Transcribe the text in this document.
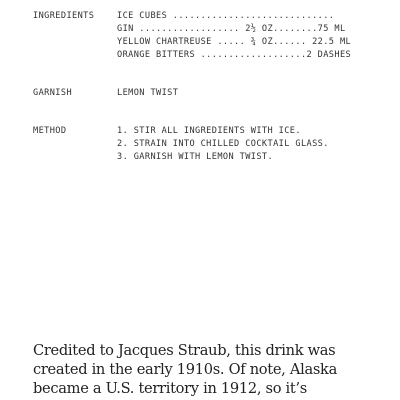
INGREDIENTS	ICE CUBES .............................
GIN .................. 2½ OZ........75 ML
YELLOW CHARTREUSE ..... ¾ OZ...... 22.5 ML
ORANGE BITTERS ...................2 DASHES
GARNISH	LEMON TWIST
METHOD	1. STIR ALL INGREDIENTS WITH ICE.
2. STRAIN INTO CHILLED COCKTAIL GLASS.
3. GARNISH WITH LEMON TWIST.
Credited to Jacques Straub, this drink was
created in the early 1910s. Of note, Alaska
became a U.S. territory in 1912, so it’s
